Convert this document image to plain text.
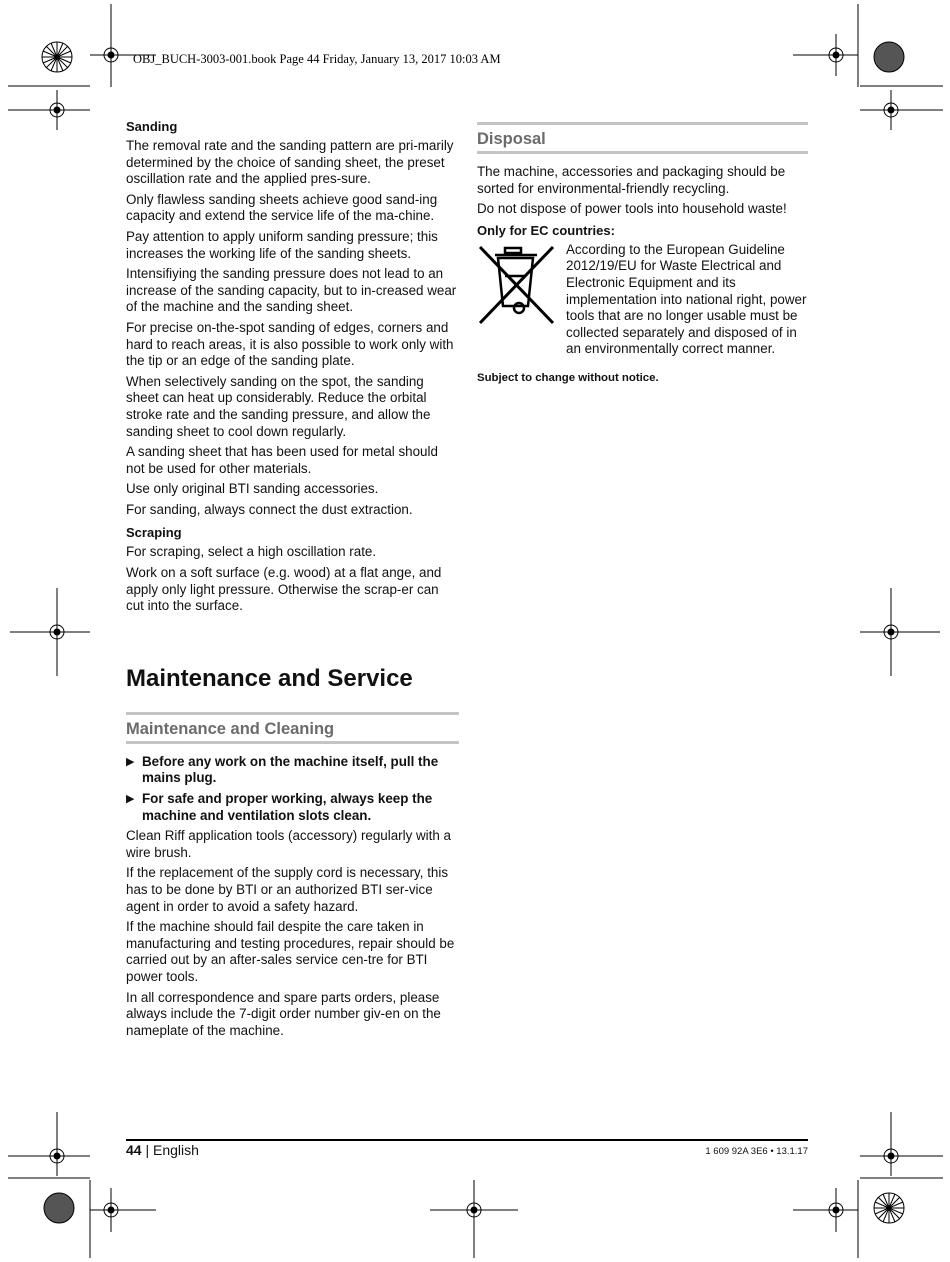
OBJ_BUCH-3003-001.book Page 44 Friday, January 13, 2017 10:03 AM
Sanding

The removal rate and the sanding pattern are pri-marily determined by the choice of sanding sheet, the preset oscillation rate and the applied pres-sure.

Only flawless sanding sheets achieve good sand-ing capacity and extend the service life of the ma-chine.

Pay attention to apply uniform sanding pressure; this increases the working life of the sanding sheets.

Intensifiying the sanding pressure does not lead to an increase of the sanding capacity, but to in-creased wear of the machine and the sanding sheet.

For precise on-the-spot sanding of edges, corners and hard to reach areas, it is also possible to work only with the tip or an edge of the sanding plate.

When selectively sanding on the spot, the sanding sheet can heat up considerably. Reduce the orbital stroke rate and the sanding pressure, and allow the sanding sheet to cool down regularly.

A sanding sheet that has been used for metal should not be used for other materials.

Use only original BTI sanding accessories.

For sanding, always connect the dust extraction.

Scraping

For scraping, select a high oscillation rate.

Work on a soft surface (e.g. wood) at a flat ange, and apply only light pressure. Otherwise the scrap-er can cut into the surface.

Maintenance and Service
Maintenance and Cleaning
▶ Before any work on the machine itself, pull the mains plug.
▶ For safe and proper working, always keep the machine and ventilation slots clean.

Clean Riff application tools (accessory) regularly with a wire brush.

If the replacement of the supply cord is necessary, this has to be done by BTI or an authorized BTI ser-vice agent in order to avoid a safety hazard.

If the machine should fail despite the care taken in manufacturing and testing procedures, repair should be carried out by an after-sales service cen-tre for BTI power tools.

In all correspondence and spare parts orders, please always include the 7-digit order number giv-en on the nameplate of the machine.

Disposal

The machine, accessories and packaging should be sorted for environmental-friendly recycling.

Do not dispose of power tools into household waste!

Only for EC countries:

According to the European Guideline 2012/19/EU for Waste Electrical and Electronic Equipment and its implementation into national right, power tools that are no longer usable must be collected separately and disposed of in an environmentally correct manner.

Subject to change without notice.
44 | English	1 609 92A 3E6 • 13.1.17
